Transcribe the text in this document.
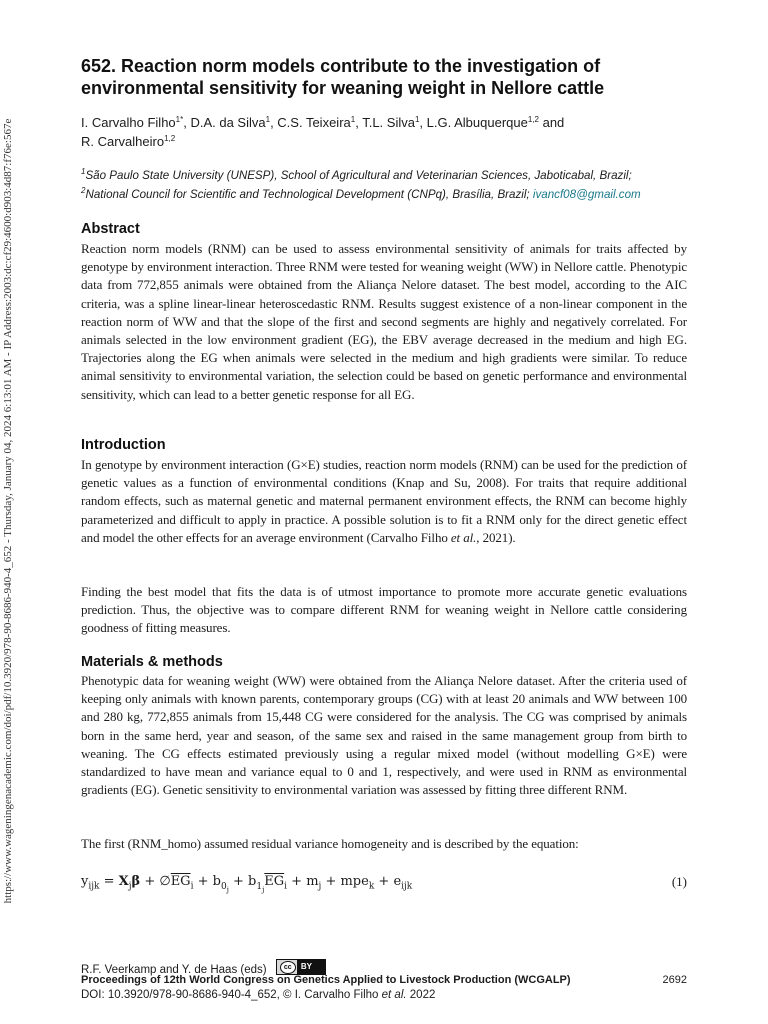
https://www.wageningenacademic.com/doi/pdf/10.3920/978-90-8686-940-4_652 - Thursday, January 04, 2024 6:13:01 AM - IP Address:2003:dc:cf29:4600:d903:4d87:f76e:567e
652. Reaction norm models contribute to the investigation of environmental sensitivity for weaning weight in Nellore cattle
I. Carvalho Filho$^{1*}$, D.A. da Silva$^1$, C.S. Teixeira$^1$, T.L. Silva$^1$, L.G. Albuquerque$^{1,2}$ and
R. Carvalheiro$^{1,2}$
$^1$São Paulo State University (UNESP), School of Agricultural and Veterinarian Sciences, Jaboticabal, Brazil;
$^2$National Council for Scientific and Technological Development (CNPq), Brasília, Brazil; ivancf08@gmail.com
Abstract

Reaction norm models (RNM) can be used to assess environmental sensitivity of animals for traits affected by genotype by environment interaction. Three RNM were tested for weaning weight (WW) in Nellore cattle. Phenotypic data from 772,855 animals were obtained from the Aliança Nelore dataset. The best model, according to the AIC criteria, was a spline linear-linear heteroscedastic RNM. Results suggest existence of a non-linear component in the reaction norm of WW and that the slope of the first and second segments are highly and negatively correlated. For animals selected in the low environment gradient (EG), the EBV average decreased in the medium and high EG. Trajectories along the EG when animals were selected in the medium and high gradients were similar. To reduce animal sensitivity to environmental variation, the selection could be based on genetic performance and environmental sensitivity, which can lead to a better genetic response for all EG.

Introduction

In genotype by environment interaction (G×E) studies, reaction norm models (RNM) can be used for the prediction of genetic values as a function of environmental conditions (Knap and Su, 2008). For traits that require additional random effects, such as maternal genetic and maternal permanent environment effects, the RNM can become highly parameterized and difficult to apply in practice. A possible solution is to fit a RNM only for the direct genetic effect and model the other effects for an average environment (Carvalho Filho et al., 2021).

Finding the best model that fits the data is of utmost importance to promote more accurate genetic evaluations prediction. Thus, the objective was to compare different RNM for weaning weight in Nellore cattle considering goodness of fitting measures.

Materials & methods

Phenotypic data for weaning weight (WW) were obtained from the Aliança Nelore dataset. After the criteria used of keeping only animals with known parents, contemporary groups (CG) with at least 20 animals and WW between 100 and 280 kg, 772,855 animals from 15,448 CG were considered for the analysis. The CG was comprised by animals born in the same herd, year and season, of the same sex and raised in the same management group from birth to weaning. The CG effects estimated previously using a regular mixed model (without modelling G×E) were standardized to have mean and variance equal to 0 and 1, respectively, and were used in RNM as environmental gradients (EG). Genetic sensitivity to environmental variation was assessed by fitting three different RNM.

The first (RNM_homo) assumed residual variance homogeneity and is described by the equation:

$y_{ijk} = X_j\beta$ + $\emptyset\overline{EG}_i + b_{0_j} + b_{1_j}\overline{EG}_i + m_j + mpe_k + e_{ijk}$	(1)
R.F. Veerkamp and Y. de Haas (eds)	cc	BY
Proceedings of 12th World Congress on Genetics Applied to Livestock Production (WCGALP)	2692
DOI: 10.3920/978-90-8686-940-4_652, © I. Carvalho Filho et al. 2022
